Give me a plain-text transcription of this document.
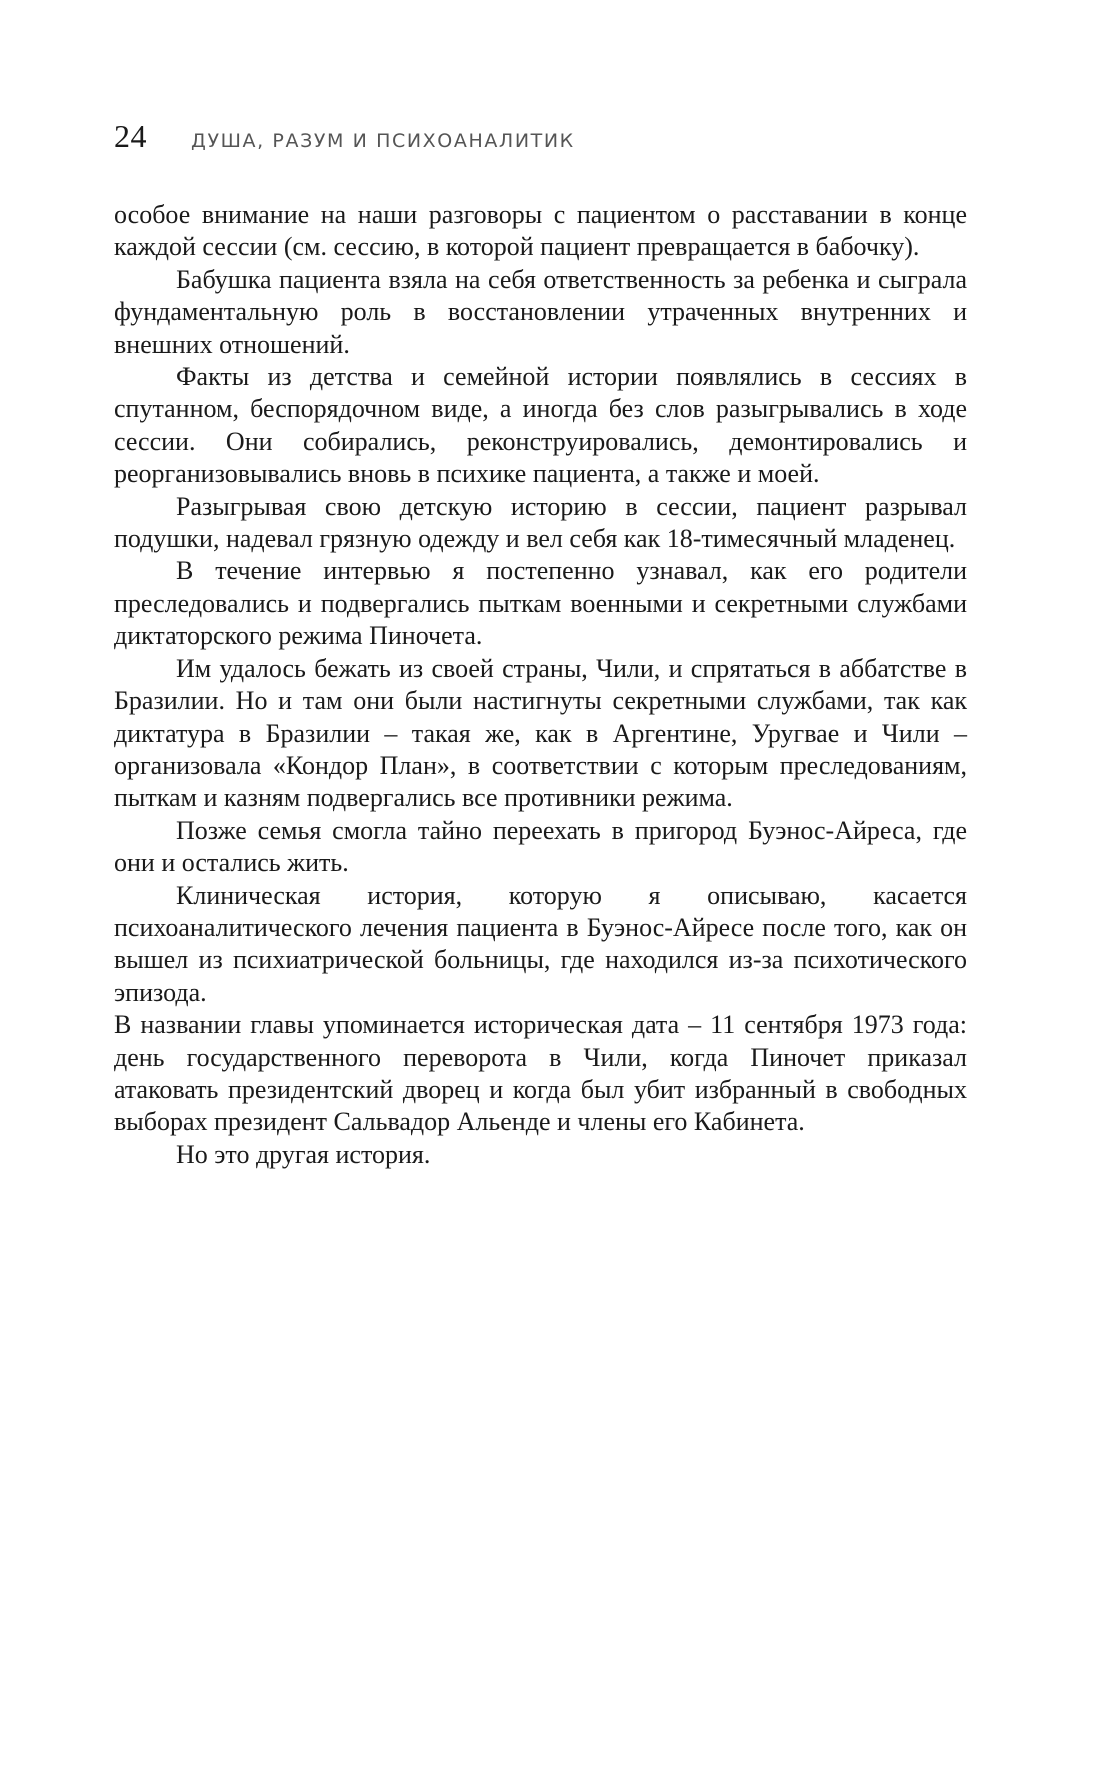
24 ДУША, РАЗУМ И ПСИХОАНАЛИТИК

особое внимание на наши разговоры с пациентом о расставании в конце каждой сессии (см. сессию, в которой пациент превращается в бабочку).

Бабушка пациента взяла на себя ответственность за ребенка и сыграла фундаментальную роль в восстановлении утраченных внутренних и внешних отношений.

Факты из детства и семейной истории появлялись в сессиях в спутанном, беспорядочном виде, а иногда без слов разыгрывались в ходе сессии. Они собирались, реконструировались, демонтировались и реорганизовывались вновь в психике пациента, а также и моей.

Разыгрывая свою детскую историю в сессии, пациент разрывал подушки, надевал грязную одежду и вел себя как 18-тимесячный младенец.

В течение интервью я постепенно узнавал, как его родители преследовались и подвергались пыткам военными и секретными службами диктаторского режима Пиночета.

Им удалось бежать из своей страны, Чили, и спрятаться в аббатстве в Бразилии. Но и там они были настигнуты секретными службами, так как диктатура в Бразилии – такая же, как в Аргентине, Уругвае и Чили – организовала «Кондор План», в соответствии с которым преследованиям, пыткам и казням подвергались все противники режима.

Позже семья смогла тайно переехать в пригород Буэнос-Айреса, где они и остались жить.

Клиническая история, которую я описываю, касается психоаналитического лечения пациента в Буэнос-Айресе после того, как он вышел из психиатрической больницы, где находился из-за психотического эпизода.

В названии главы упоминается историческая дата – 11 сентября 1973 года: день государственного переворота в Чили, когда Пиночет приказал атаковать президентский дворец и когда был убит избранный в свободных выборах президент Сальвадор Альенде и члены его Кабинета.

Но это другая история.
